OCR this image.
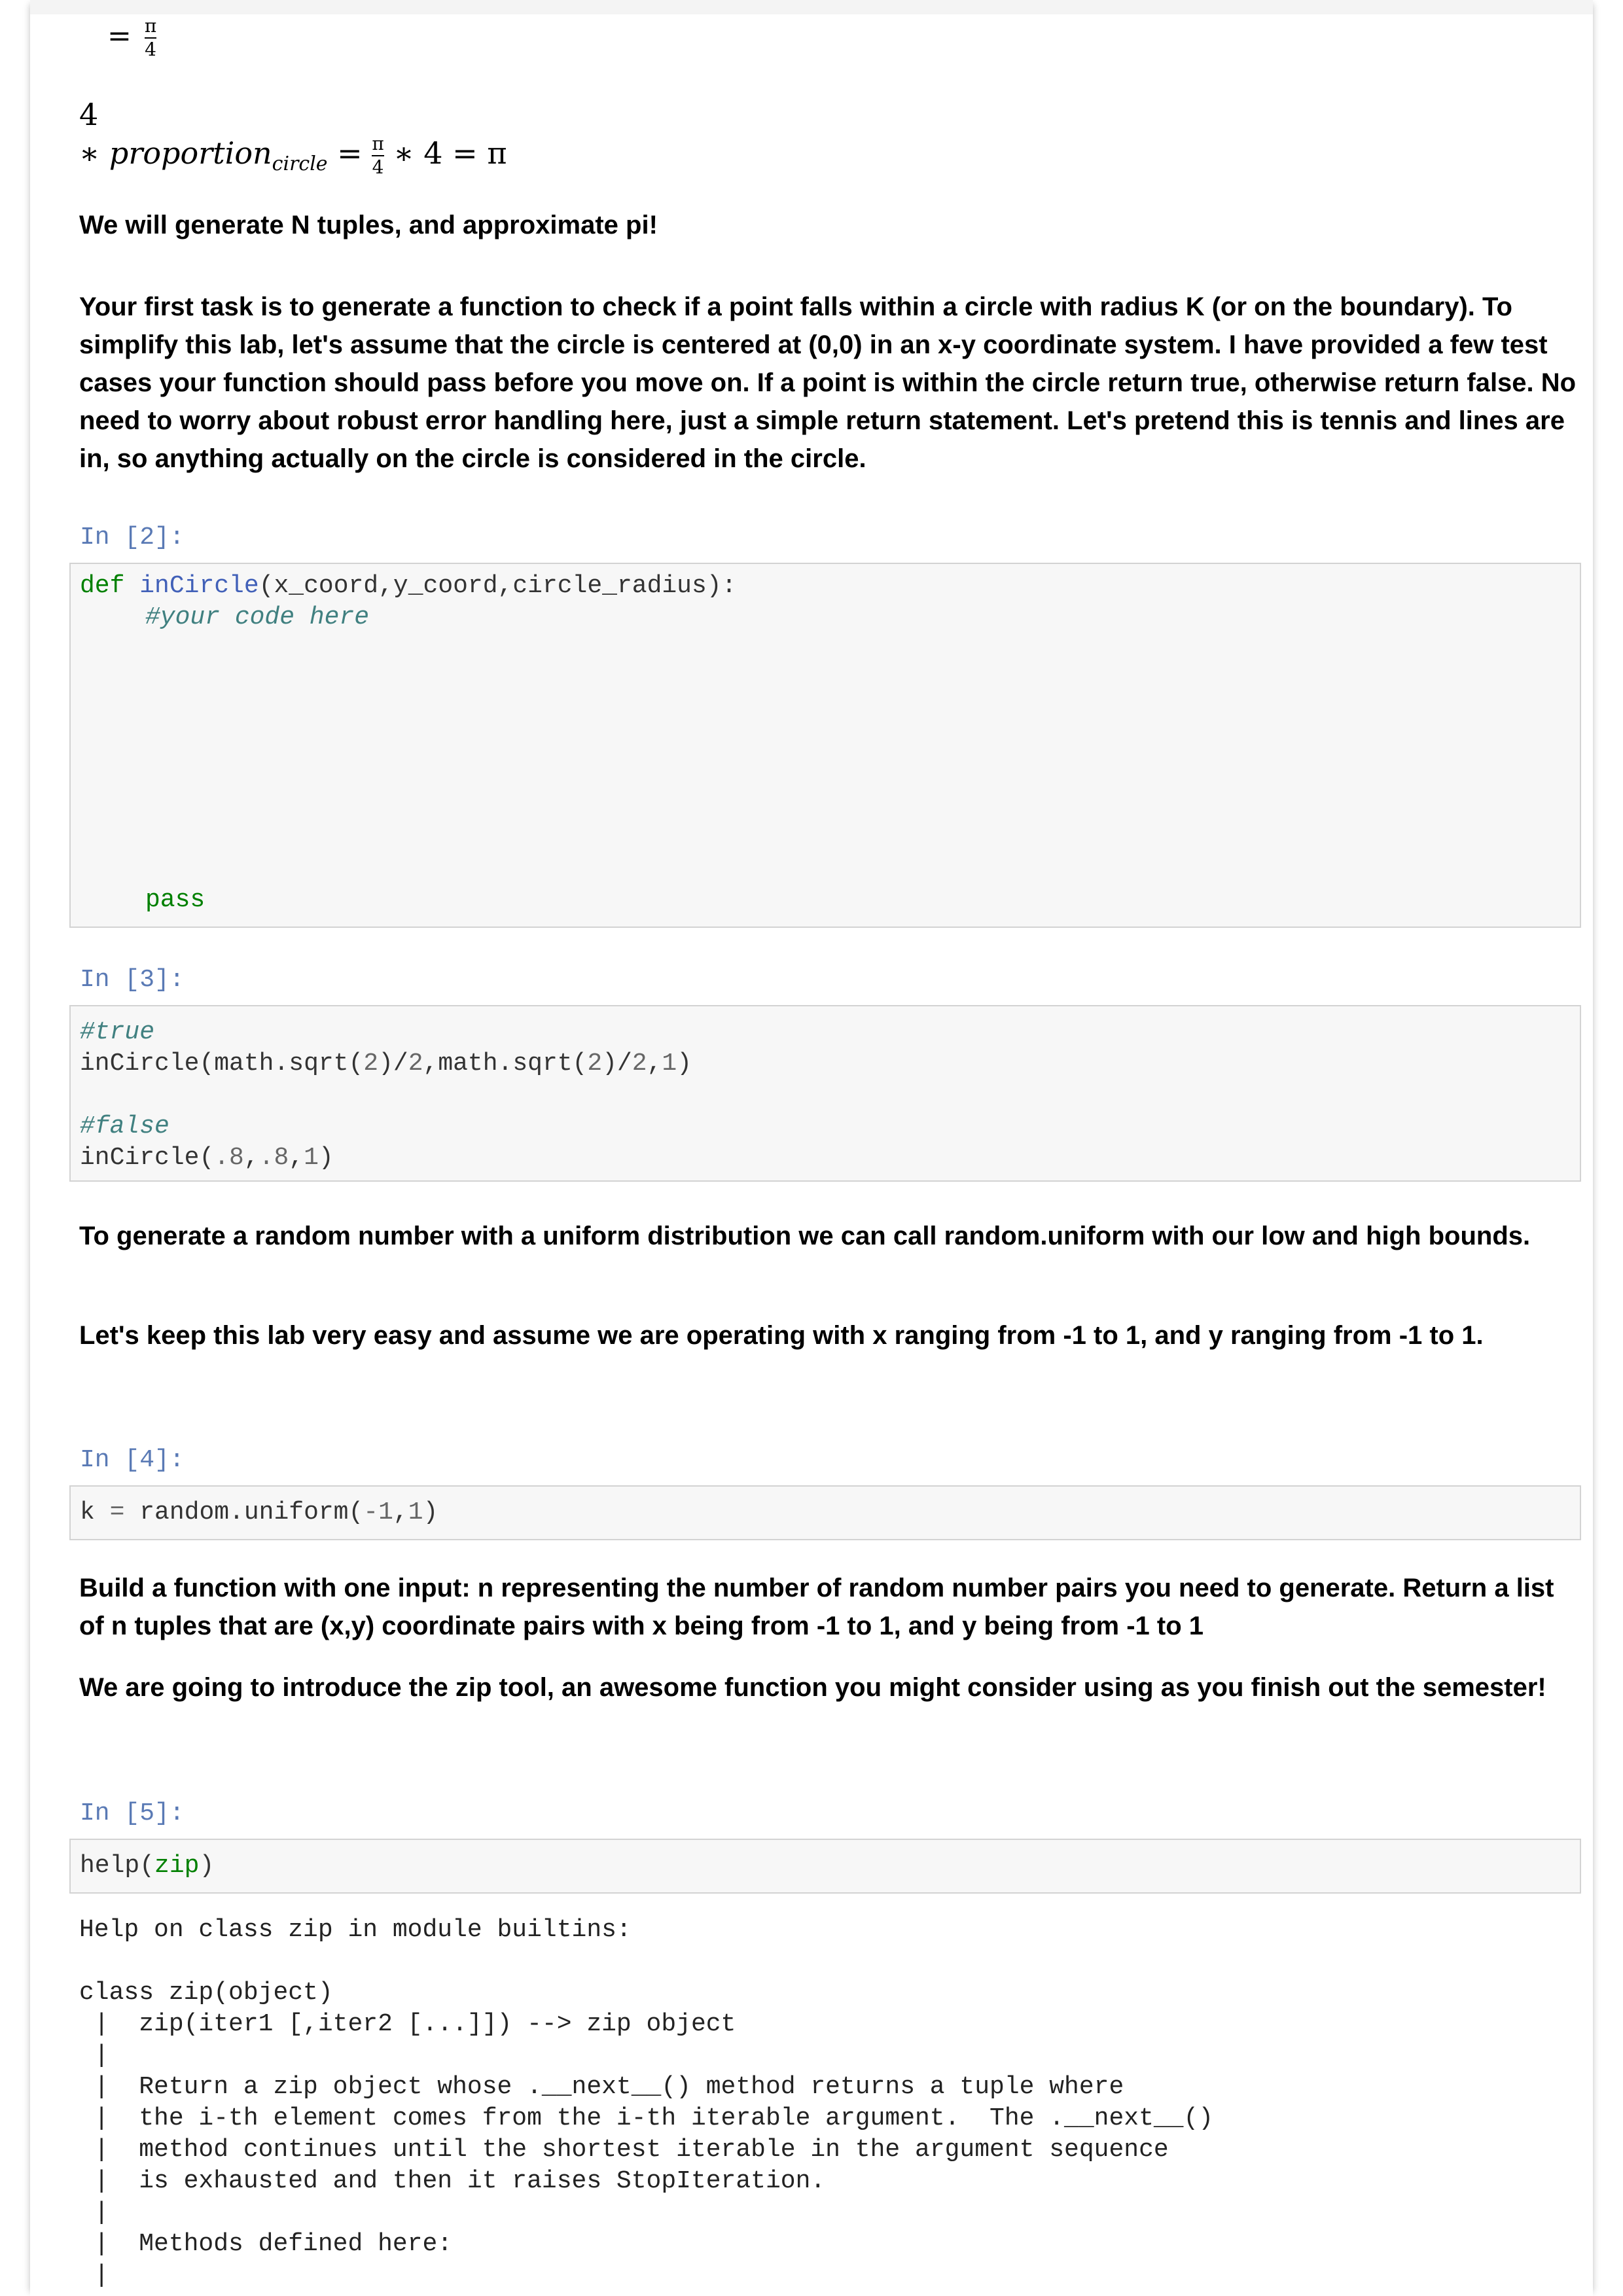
= $\frac{\pi}{4}$
4
∗ proportion$_{circle}$ = $\frac{\pi}{4}$ ∗ 4 = π
We will generate N tuples, and approximate pi!
Your first task is to generate a function to check if a point falls within a circle with radius K (or on the boundary). To simplify this lab, let's assume that the circle is centered at (0,0) in an x-y coordinate system. I have provided a few test cases your function should pass before you move on. If a point is within the circle return true, otherwise return false. No need to worry about robust error handling here, just a simple return statement. Let's pretend this is tennis and lines are in, so anything actually on the circle is considered in the circle.
In [2]:
def inCircle(x_coord,y_coord,circle_radius):
#your code here
pass
In [3]:
#true
inCircle(math.sqrt(2)/2,math.sqrt(2)/2,1)
#false
inCircle(.8,.8,1)
To generate a random number with a uniform distribution we can call random.uniform with our low and high bounds.
Let's keep this lab very easy and assume we are operating with x ranging from -1 to 1, and y ranging from -1 to 1.
In [4]:
k = random.uniform(-1,1)
Build a function with one input: n representing the number of random number pairs you need to generate. Return a list of n tuples that are (x,y) coordinate pairs with x being from -1 to 1, and y being from -1 to 1
We are going to introduce the zip tool, an awesome function you might consider using as you finish out the semester!
In [5]:
help(zip)
Help on class zip in module builtins:
class zip(object)
|  zip(iter1 [,iter2 [...]]) --> zip object
|
|  Return a zip object whose .__next__() method returns a tuple where
|  the i-th element comes from the i-th iterable argument.  The .__next__()
|  method continues until the shortest iterable in the argument sequence
|  is exhausted and then it raises StopIteration.
|
|  Methods defined here:
|
